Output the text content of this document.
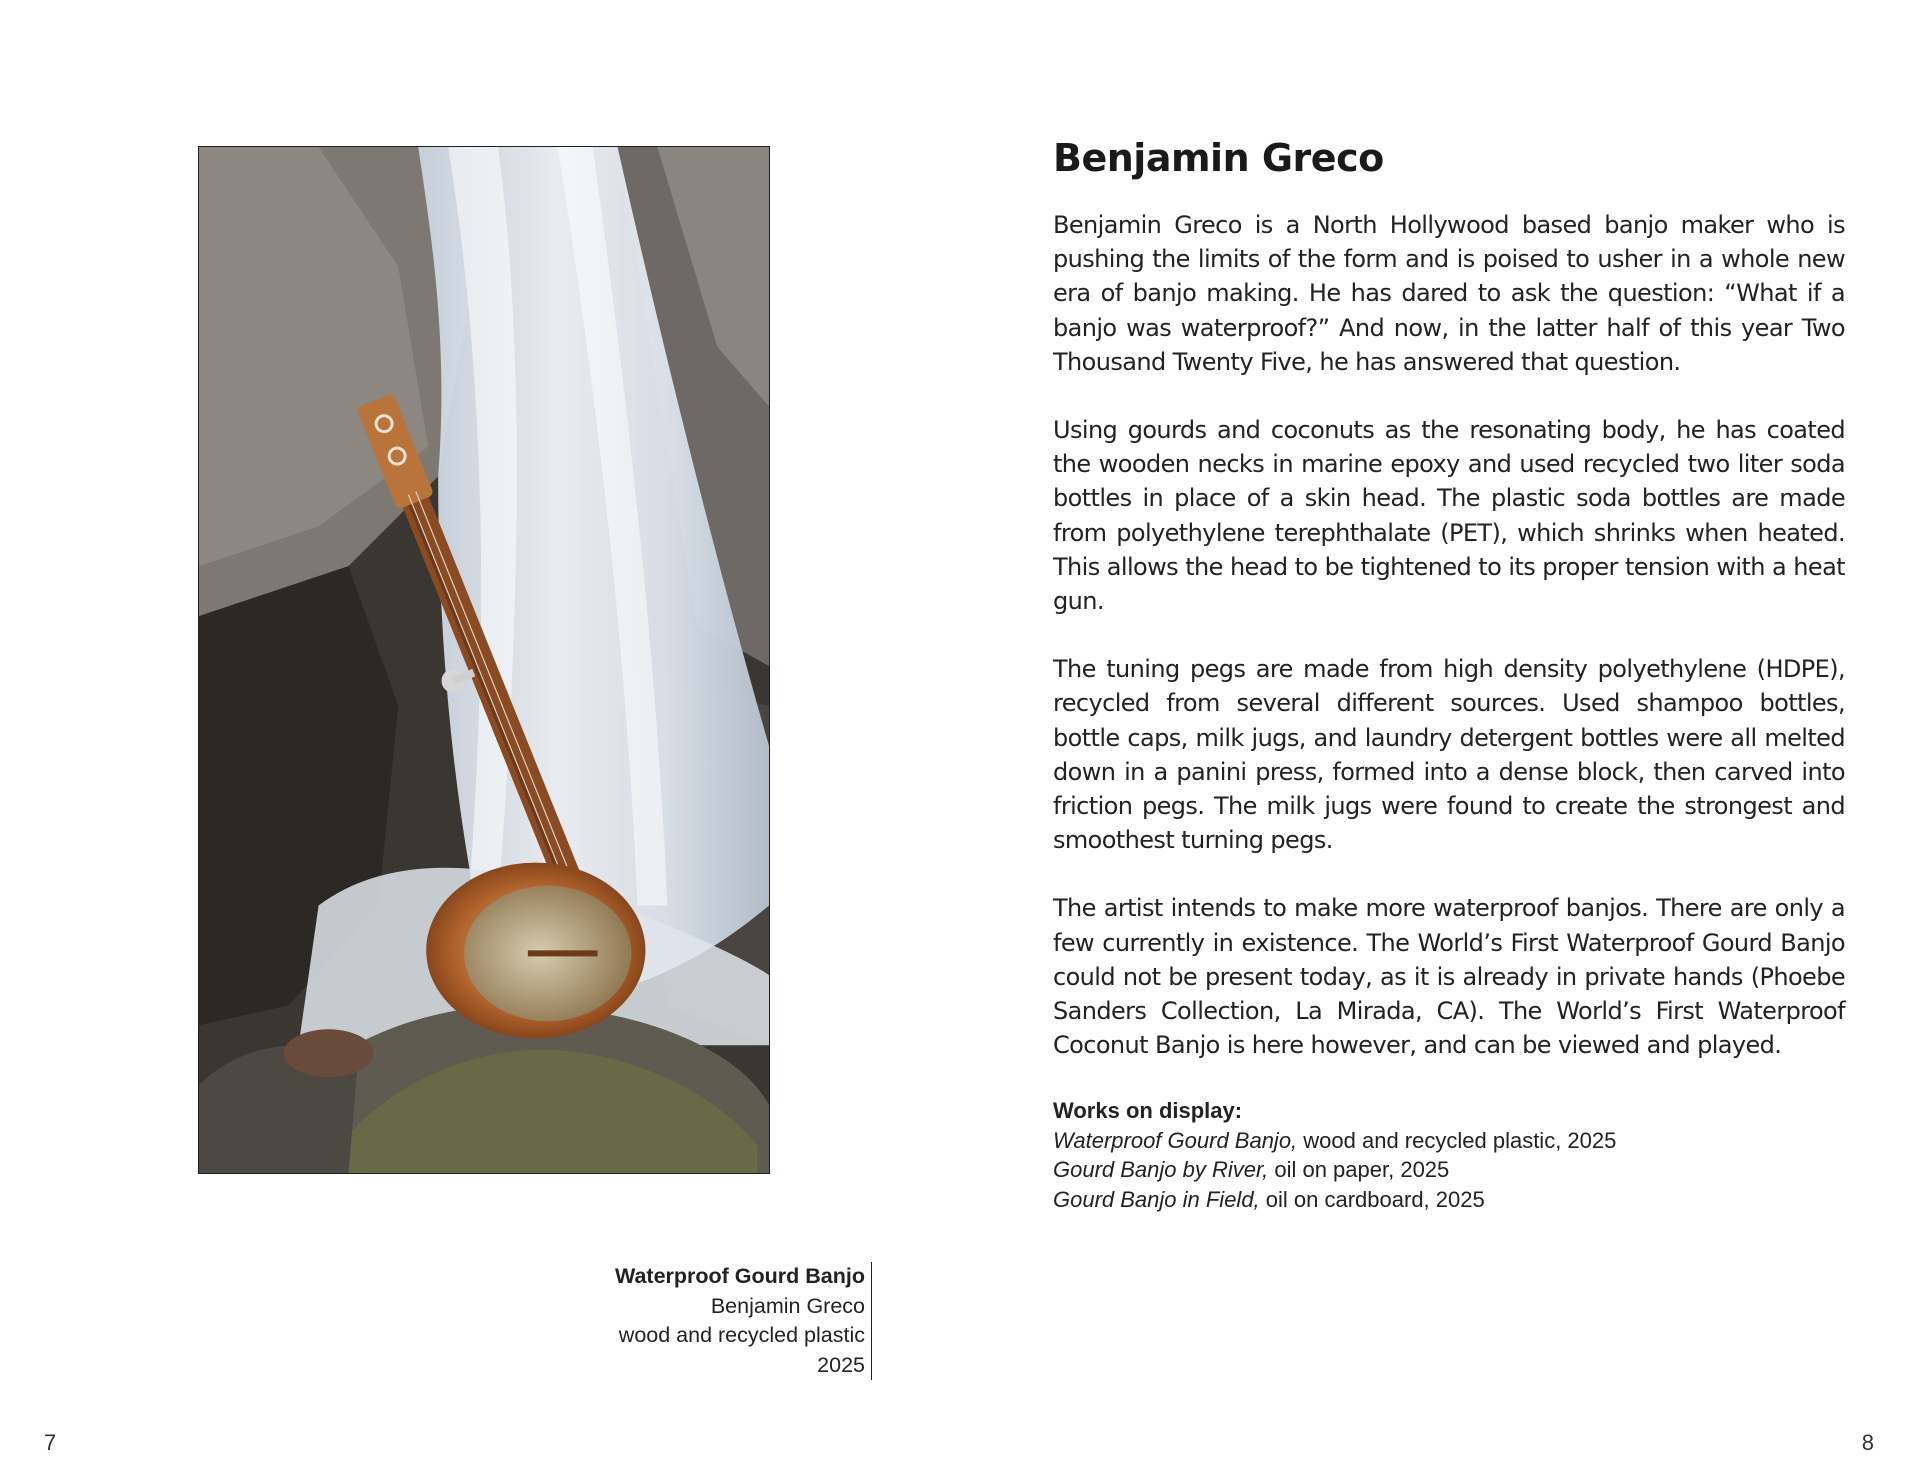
Waterproof Gourd Banjo
Benjamin Greco
wood and recycled plastic
2025
7
Benjamin Greco

Benjamin Greco is a North Hollywood based banjo maker who is pushing the limits of the form and is poised to usher in a whole new era of banjo making. He has dared to ask the question: “What if a banjo was waterproof?” And now, in the latter half of this year Two Thousand Twenty Five, he has answered that question.

Using gourds and coconuts as the resonating body, he has coated the wooden necks in marine epoxy and used recycled two liter soda bottles in place of a skin head. The plastic soda bottles are made from polyethylene terephthalate (PET), which shrinks when heated. This allows the head to be tightened to its proper tension with a heat gun.

The tuning pegs are made from high density polyethylene (HDPE), recycled from several different sources. Used shampoo bottles, bottle caps, milk jugs, and laundry detergent bottles were all melted down in a panini press, formed into a dense block, then carved into friction pegs. The milk jugs were found to create the strongest and smoothest turning pegs.

The artist intends to make more waterproof banjos. There are only a few currently in existence. The World’s First Waterproof Gourd Banjo could not be present today, as it is already in private hands (Phoebe Sanders Collection, La Mirada, CA). The World’s First Waterproof Coconut Banjo is here however, and can be viewed and played.

Works on display:
Waterproof Gourd Banjo, wood and recycled plastic, 2025
Gourd Banjo by River, oil on paper, 2025
Gourd Banjo in Field, oil on cardboard, 2025
8
